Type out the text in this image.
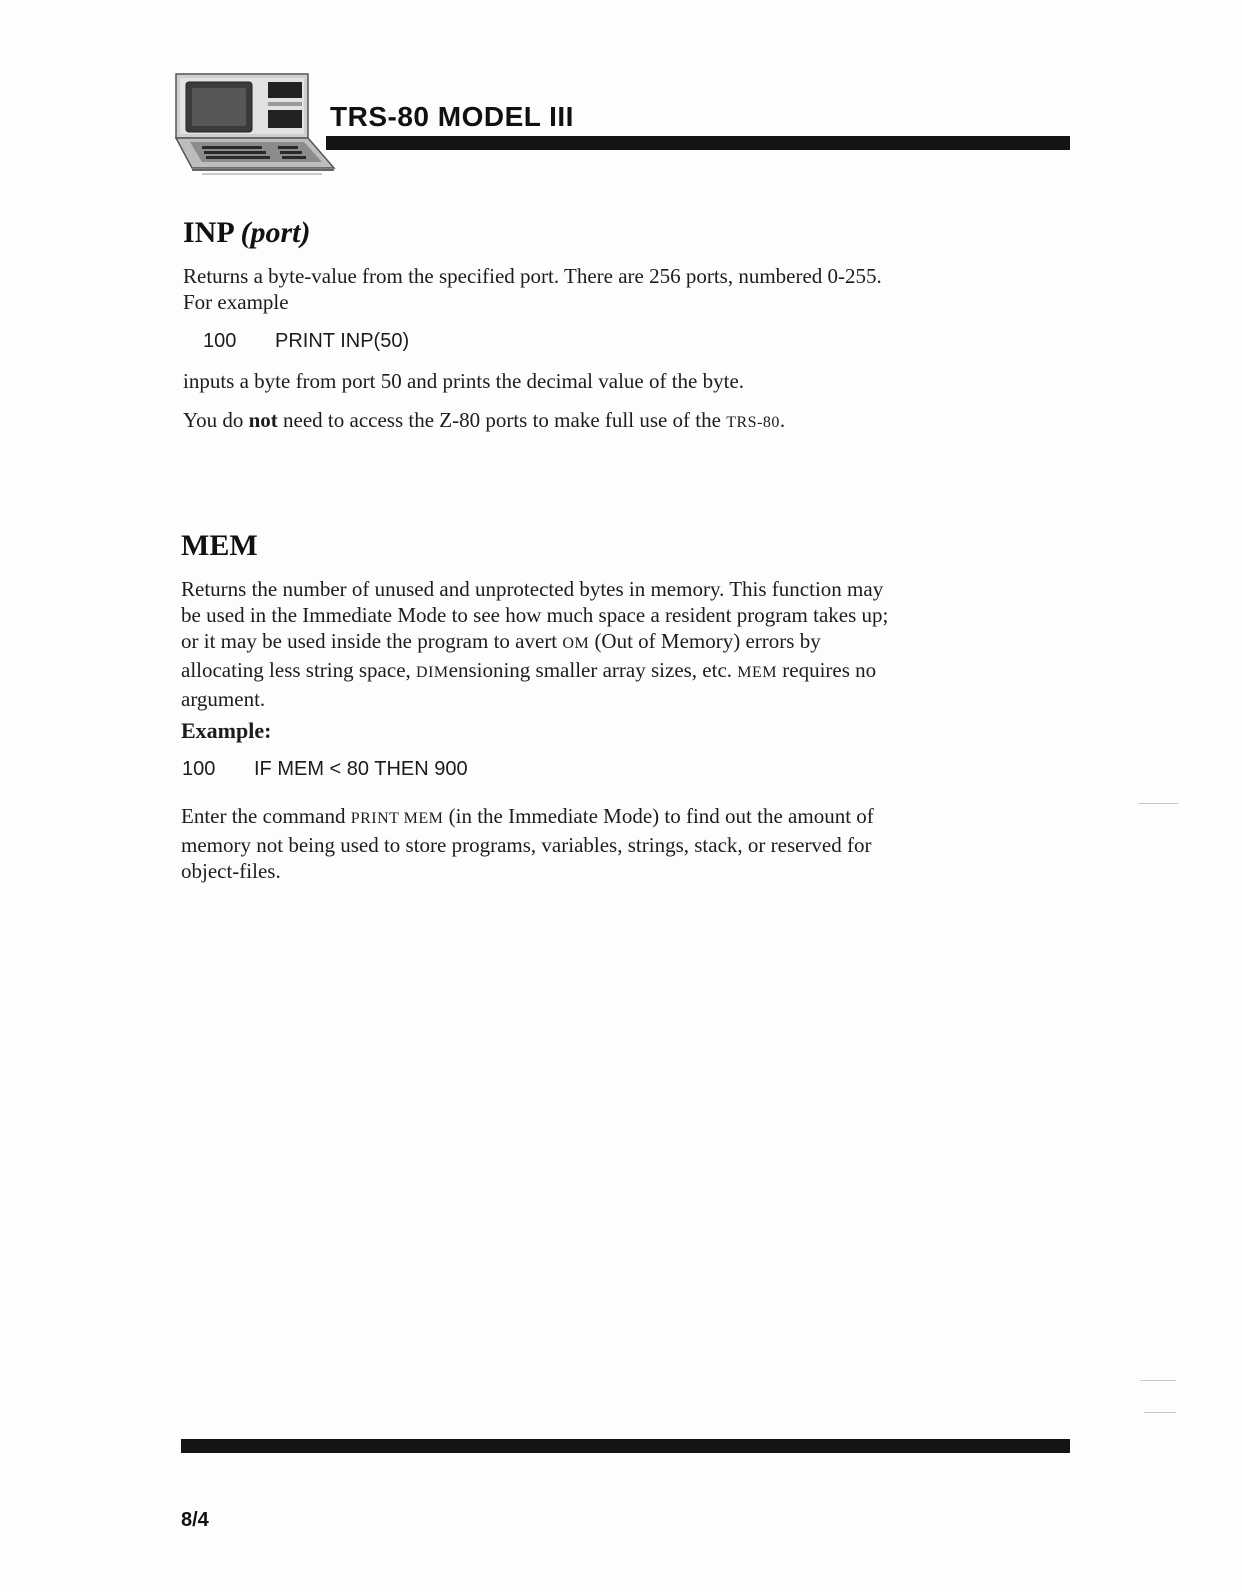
TRS-80 MODEL III
INP (port)

Returns a byte-value from the specified port. There are 256 ports, numbered 0-255.
For example

100 PRINT INP(50)

inputs a byte from port 50 and prints the decimal value of the byte.

You do not need to access the Z-80 ports to make full use of the TRS-80.

MEM

Returns the number of unused and unprotected bytes in memory. This function may
be used in the Immediate Mode to see how much space a resident program takes up;
or it may be used inside the program to avert OM (Out of Memory) errors by
allocating less string space, DIMensioning smaller array sizes, etc. MEM requires no
argument.

Example:

100 IF MEM < 80 THEN 900

Enter the command PRINT MEM (in the Immediate Mode) to find out the amount of
memory not being used to store programs, variables, strings, stack, or reserved for
object-files.

8/4
